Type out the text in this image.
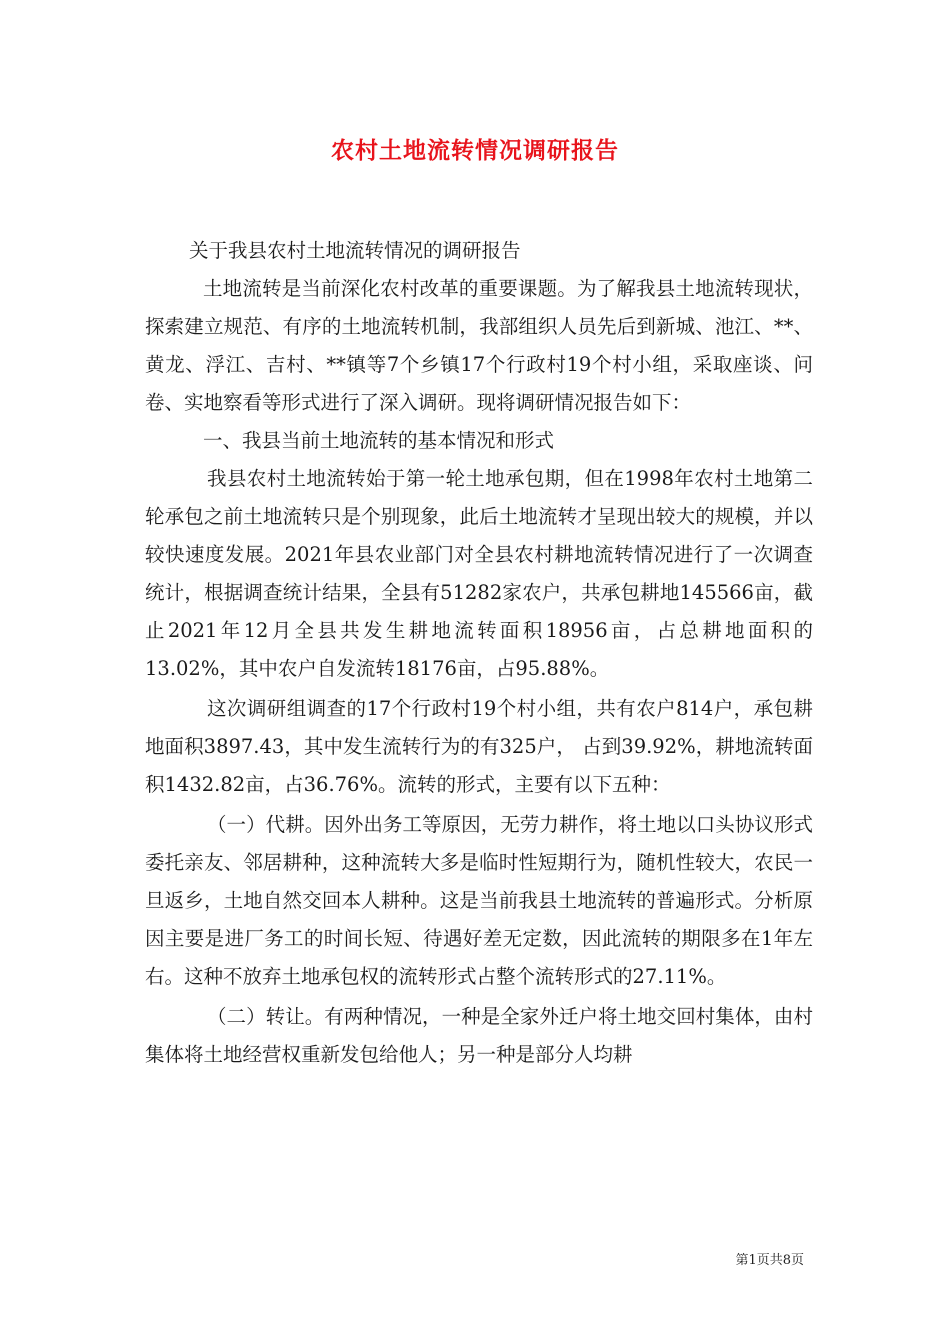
农村土地流转情况调研报告

关于我县农村土地流转情况的调研报告

土地流转是当前深化农村改革的重要课题。为了解我县土地流转现状，探索建立规范、有序的土地流转机制，我部组织人员先后到新城、池江、**、黄龙、浮江、吉村、**镇等7个乡镇17个行政村19个村小组，采取座谈、问卷、实地察看等形式进行了深入调研。现将调研情况报告如下：

一、我县当前土地流转的基本情况和形式

我县农村土地流转始于第一轮土地承包期，但在1998年农村土地第二轮承包之前土地流转只是个别现象，此后土地流转才呈现出较大的规模，并以较快速度发展。2021年县农业部门对全县农村耕地流转情况进行了一次调查统计，根据调查统计结果，全县有51282家农户，共承包耕地145566亩，截止2021年12月全县共发生耕地流转面积18956亩，占总耕地面积的13.02%，其中农户自发流转18176亩，占95.88%。

这次调研组调查的17个行政村19个村小组，共有农户814户，承包耕地面积3897.43，其中发生流转行为的有325户， 占到39.92%，耕地流转面积1432.82亩，占36.76%。流转的形式，主要有以下五种：

（一）代耕。因外出务工等原因，无劳力耕作，将土地以口头协议形式委托亲友、邻居耕种，这种流转大多是临时性短期行为，随机性较大，农民一旦返乡，土地自然交回本人耕种。这是当前我县土地流转的普遍形式。分析原因主要是进厂务工的时间长短、待遇好差无定数，因此流转的期限多在1年左右。这种不放弃土地承包权的流转形式占整个流转形式的27.11%。

（二）转让。有两种情况，一种是全家外迁户将土地交回村集体，由村集体将土地经营权重新发包给他人；另一种是部分人均耕

第1页共8页
